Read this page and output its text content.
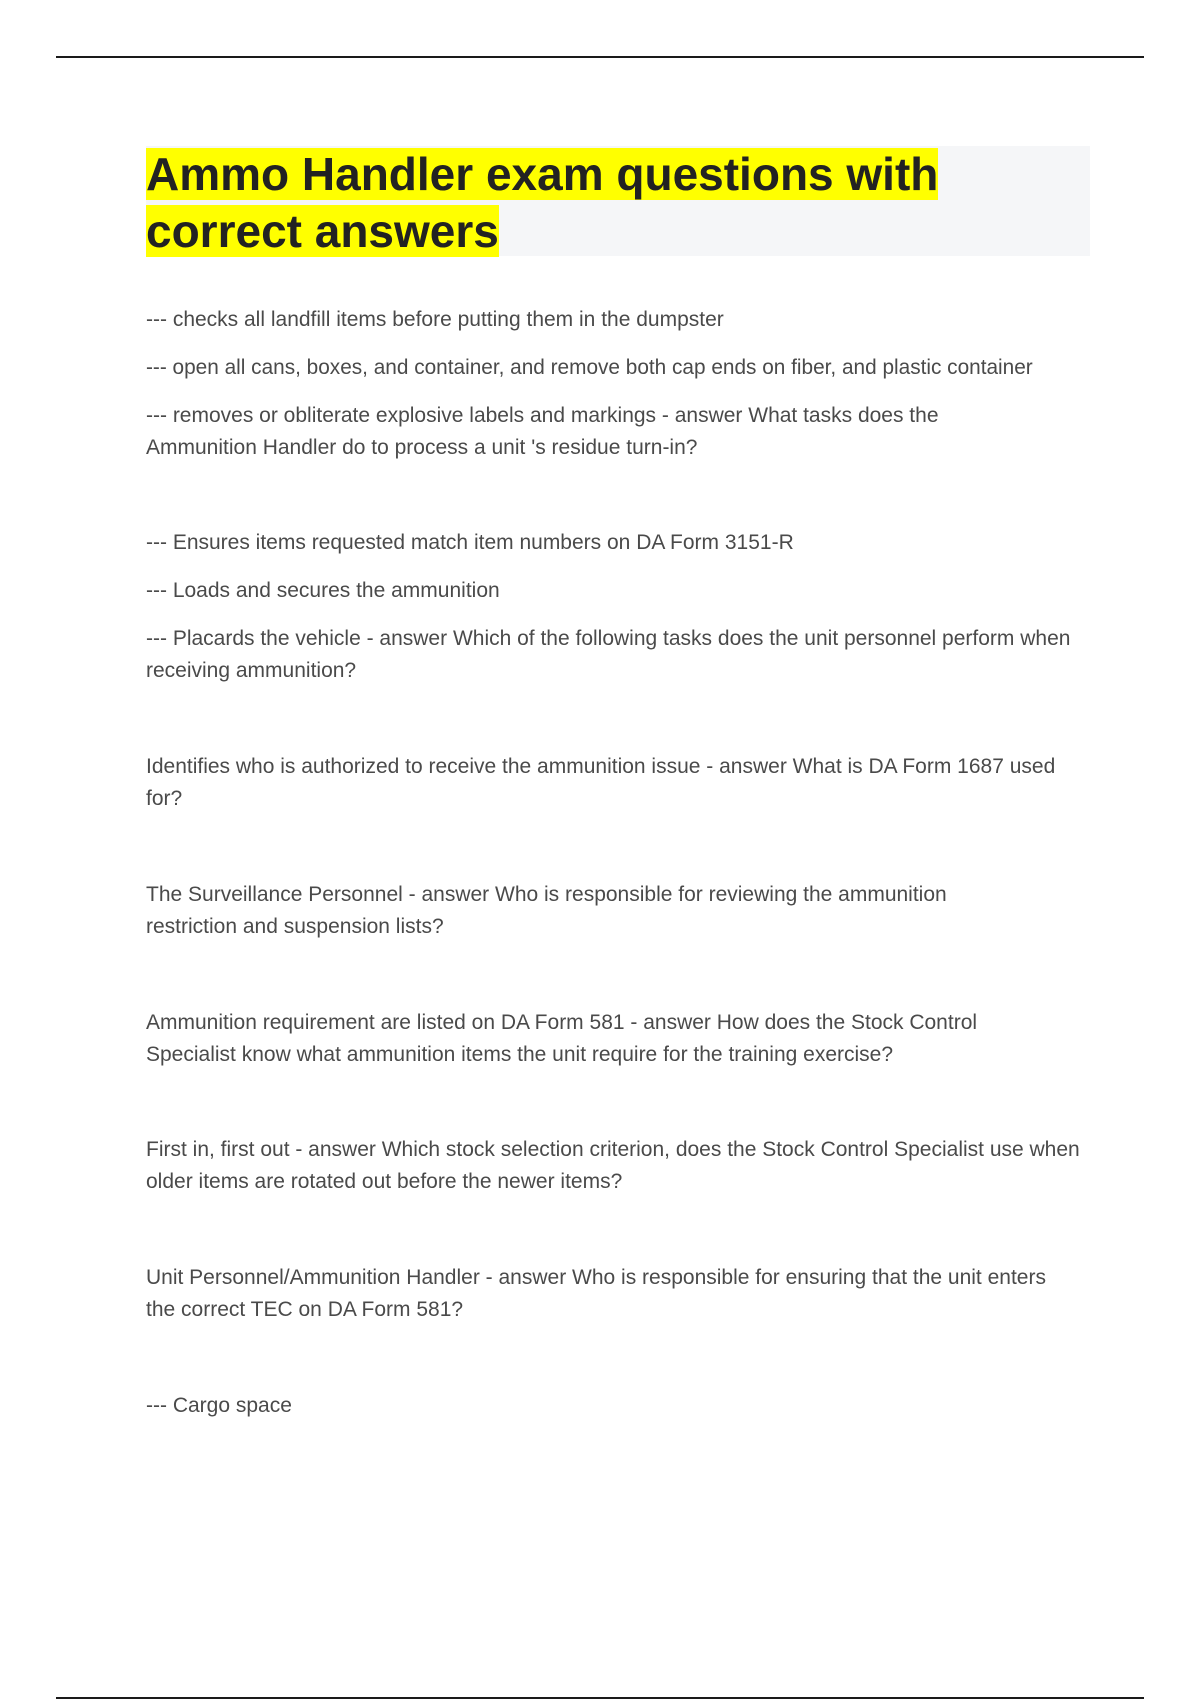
Ammo Handler exam questions with correct answers

--- checks all landfill items before putting them in the dumpster

--- open all cans, boxes, and container, and remove both cap ends on fiber, and plastic container

--- removes or obliterate explosive labels and markings - answer What tasks does the Ammunition Handler do to process a unit 's residue turn-in?

--- Ensures items requested match item numbers on DA Form 3151-R

--- Loads and secures the ammunition

--- Placards the vehicle - answer Which of the following tasks does the unit personnel perform when receiving ammunition?

Identifies who is authorized to receive the ammunition issue - answer What is DA Form 1687 used for?

The Surveillance Personnel - answer Who is responsible for reviewing the ammunition restriction and suspension lists?

Ammunition requirement are listed on DA Form 581 - answer How does the Stock Control Specialist know what ammunition items the unit require for the training exercise?

First in, first out - answer Which stock selection criterion, does the Stock Control Specialist use when older items are rotated out before the newer items?

Unit Personnel/Ammunition Handler - answer Who is responsible for ensuring that the unit enters the correct TEC on DA Form 581?

--- Cargo space
